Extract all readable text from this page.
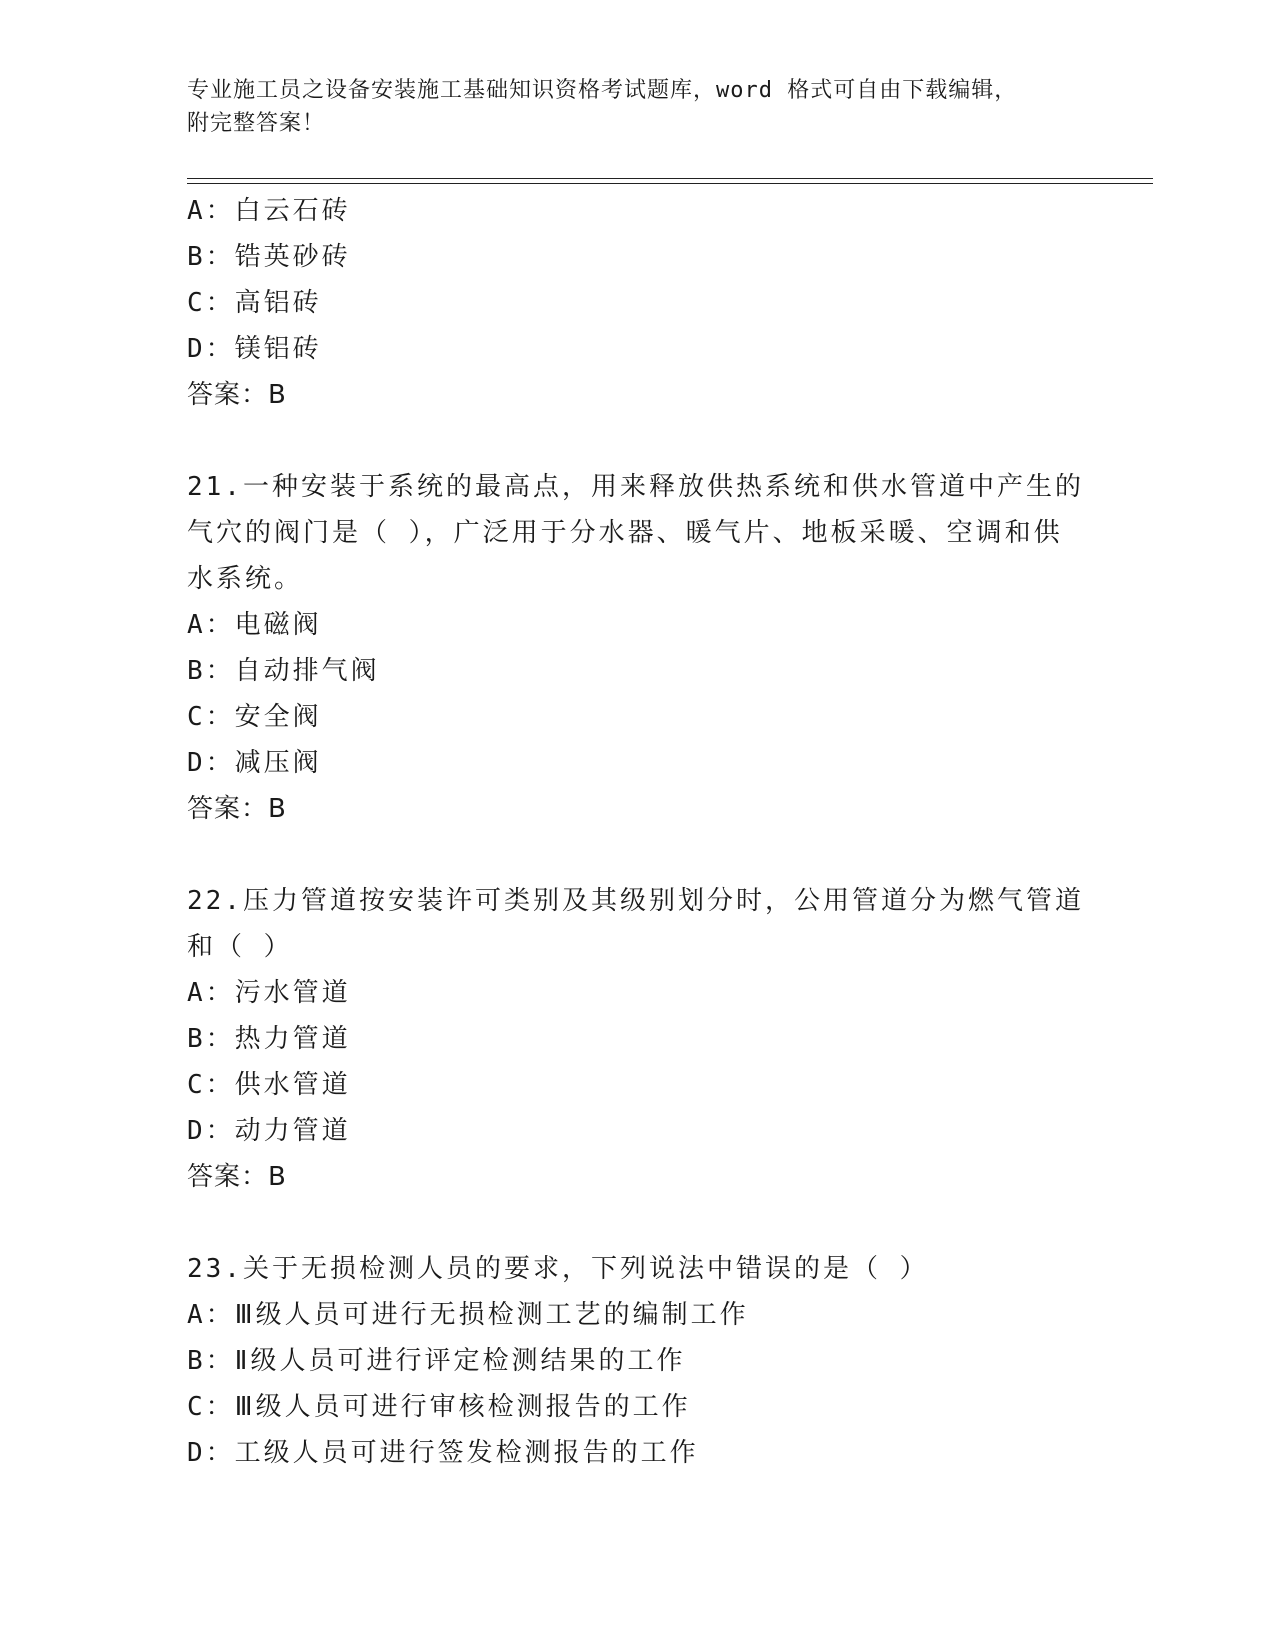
专业施工员之设备安装施工基础知识资格考试题库，word 格式可自由下载编辑，
附完整答案！
A：白云石砖
B：锆英砂砖
C：高铝砖
D：镁铝砖
答案：B
21.一种安装于系统的最高点，用来释放供热系统和供水管道中产生的
气穴的阀门是（ ），广泛用于分水器、暖气片、地板采暖、空调和供
水系统。
A：电磁阀
B：自动排气阀
C：安全阀
D：减压阀
答案：B
22.压力管道按安装许可类别及其级别划分时，公用管道分为燃气管道
和（ ）
A：污水管道
B：热力管道
C：供水管道
D：动力管道
答案：B
23.关于无损检测人员的要求，下列说法中错误的是（ ）
A：Ⅲ级人员可进行无损检测工艺的编制工作
B：Ⅱ级人员可进行评定检测结果的工作
C：Ⅲ级人员可进行审核检测报告的工作
D：工级人员可进行签发检测报告的工作
